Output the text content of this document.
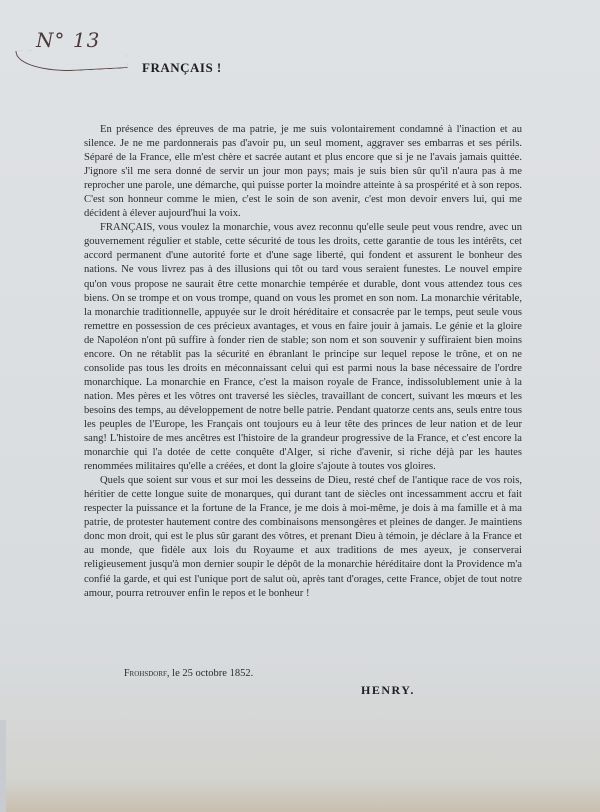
N° 13
FRANÇAIS !

En présence des épreuves de ma patrie, je me suis volontairement condamné à l'inaction et au silence. Je ne me pardonnerais pas d'avoir pu, un seul moment, aggraver ses embarras et ses périls. Séparé de la France, elle m'est chère et sacrée autant et plus encore que si je ne l'avais jamais quittée. J'ignore s'il me sera donné de servir un jour mon pays; mais je suis bien sûr qu'il n'aura pas à me reprocher une parole, une démarche, qui puisse porter la moindre atteinte à sa prospérité et à son repos. C'est son honneur comme le mien, c'est le soin de son avenir, c'est mon devoir envers lui, qui me décident à élever aujourd'hui la voix.

FRANÇAIS, vous voulez la monarchie, vous avez reconnu qu'elle seule peut vous rendre, avec un gouvernement régulier et stable, cette sécurité de tous les droits, cette garantie de tous les intérêts, cet accord permanent d'une autorité forte et d'une sage liberté, qui fondent et assurent le bonheur des nations. Ne vous livrez pas à des illusions qui tôt ou tard vous seraient funestes. Le nouvel empire qu'on vous propose ne saurait être cette monarchie tempérée et durable, dont vous attendez tous ces biens. On se trompe et on vous trompe, quand on vous les promet en son nom. La monarchie véritable, la monarchie traditionnelle, appuyée sur le droit héréditaire et consacrée par le temps, peut seule vous remettre en possession de ces précieux avantages, et vous en faire jouir à jamais. Le génie et la gloire de Napoléon n'ont pû suffire à fonder rien de stable; son nom et son souvenir y suffiraient bien moins encore. On ne rétablit pas la sécurité en ébranlant le principe sur lequel repose le trône, et on ne consolide pas tous les droits en méconnaissant celui qui est parmi nous la base nécessaire de l'ordre monarchique. La monarchie en France, c'est la maison royale de France, indissolublement unie à la nation. Mes pères et les vôtres ont traversé les siècles, travaillant de concert, suivant les mœurs et les besoins des temps, au développement de notre belle patrie. Pendant quatorze cents ans, seuls entre tous les peuples de l'Europe, les Français ont toujours eu à leur tête des princes de leur nation et de leur sang! L'histoire de mes ancêtres est l'histoire de la grandeur progressive de la France, et c'est encore la monarchie qui l'a dotée de cette conquête d'Alger, si riche d'avenir, si riche déjà par les hautes renommées militaires qu'elle a créées, et dont la gloire s'ajoute à toutes vos gloires.

Quels que soient sur vous et sur moi les desseins de Dieu, resté chef de l'antique race de vos rois, héritier de cette longue suite de monarques, qui durant tant de siècles ont incessamment accru et fait respecter la puissance et la fortune de la France, je me dois à moi-même, je dois à ma famille et à ma patrie, de protester hautement contre des combinaisons mensongères et pleines de danger. Je maintiens donc mon droit, qui est le plus sûr garant des vôtres, et prenant Dieu à témoin, je déclare à la France et au monde, que fidèle aux lois du Royaume et aux traditions de mes ayeux, je conserverai religieusement jusqu'à mon dernier soupir le dépôt de la monarchie héréditaire dont la Providence m'a confié la garde, et qui est l'unique port de salut où, après tant d'orages, cette France, objet de tout notre amour, pourra retrouver enfin le repos et le bonheur !

Frohsdorf, le 25 octobre 1852.
HENRY.
